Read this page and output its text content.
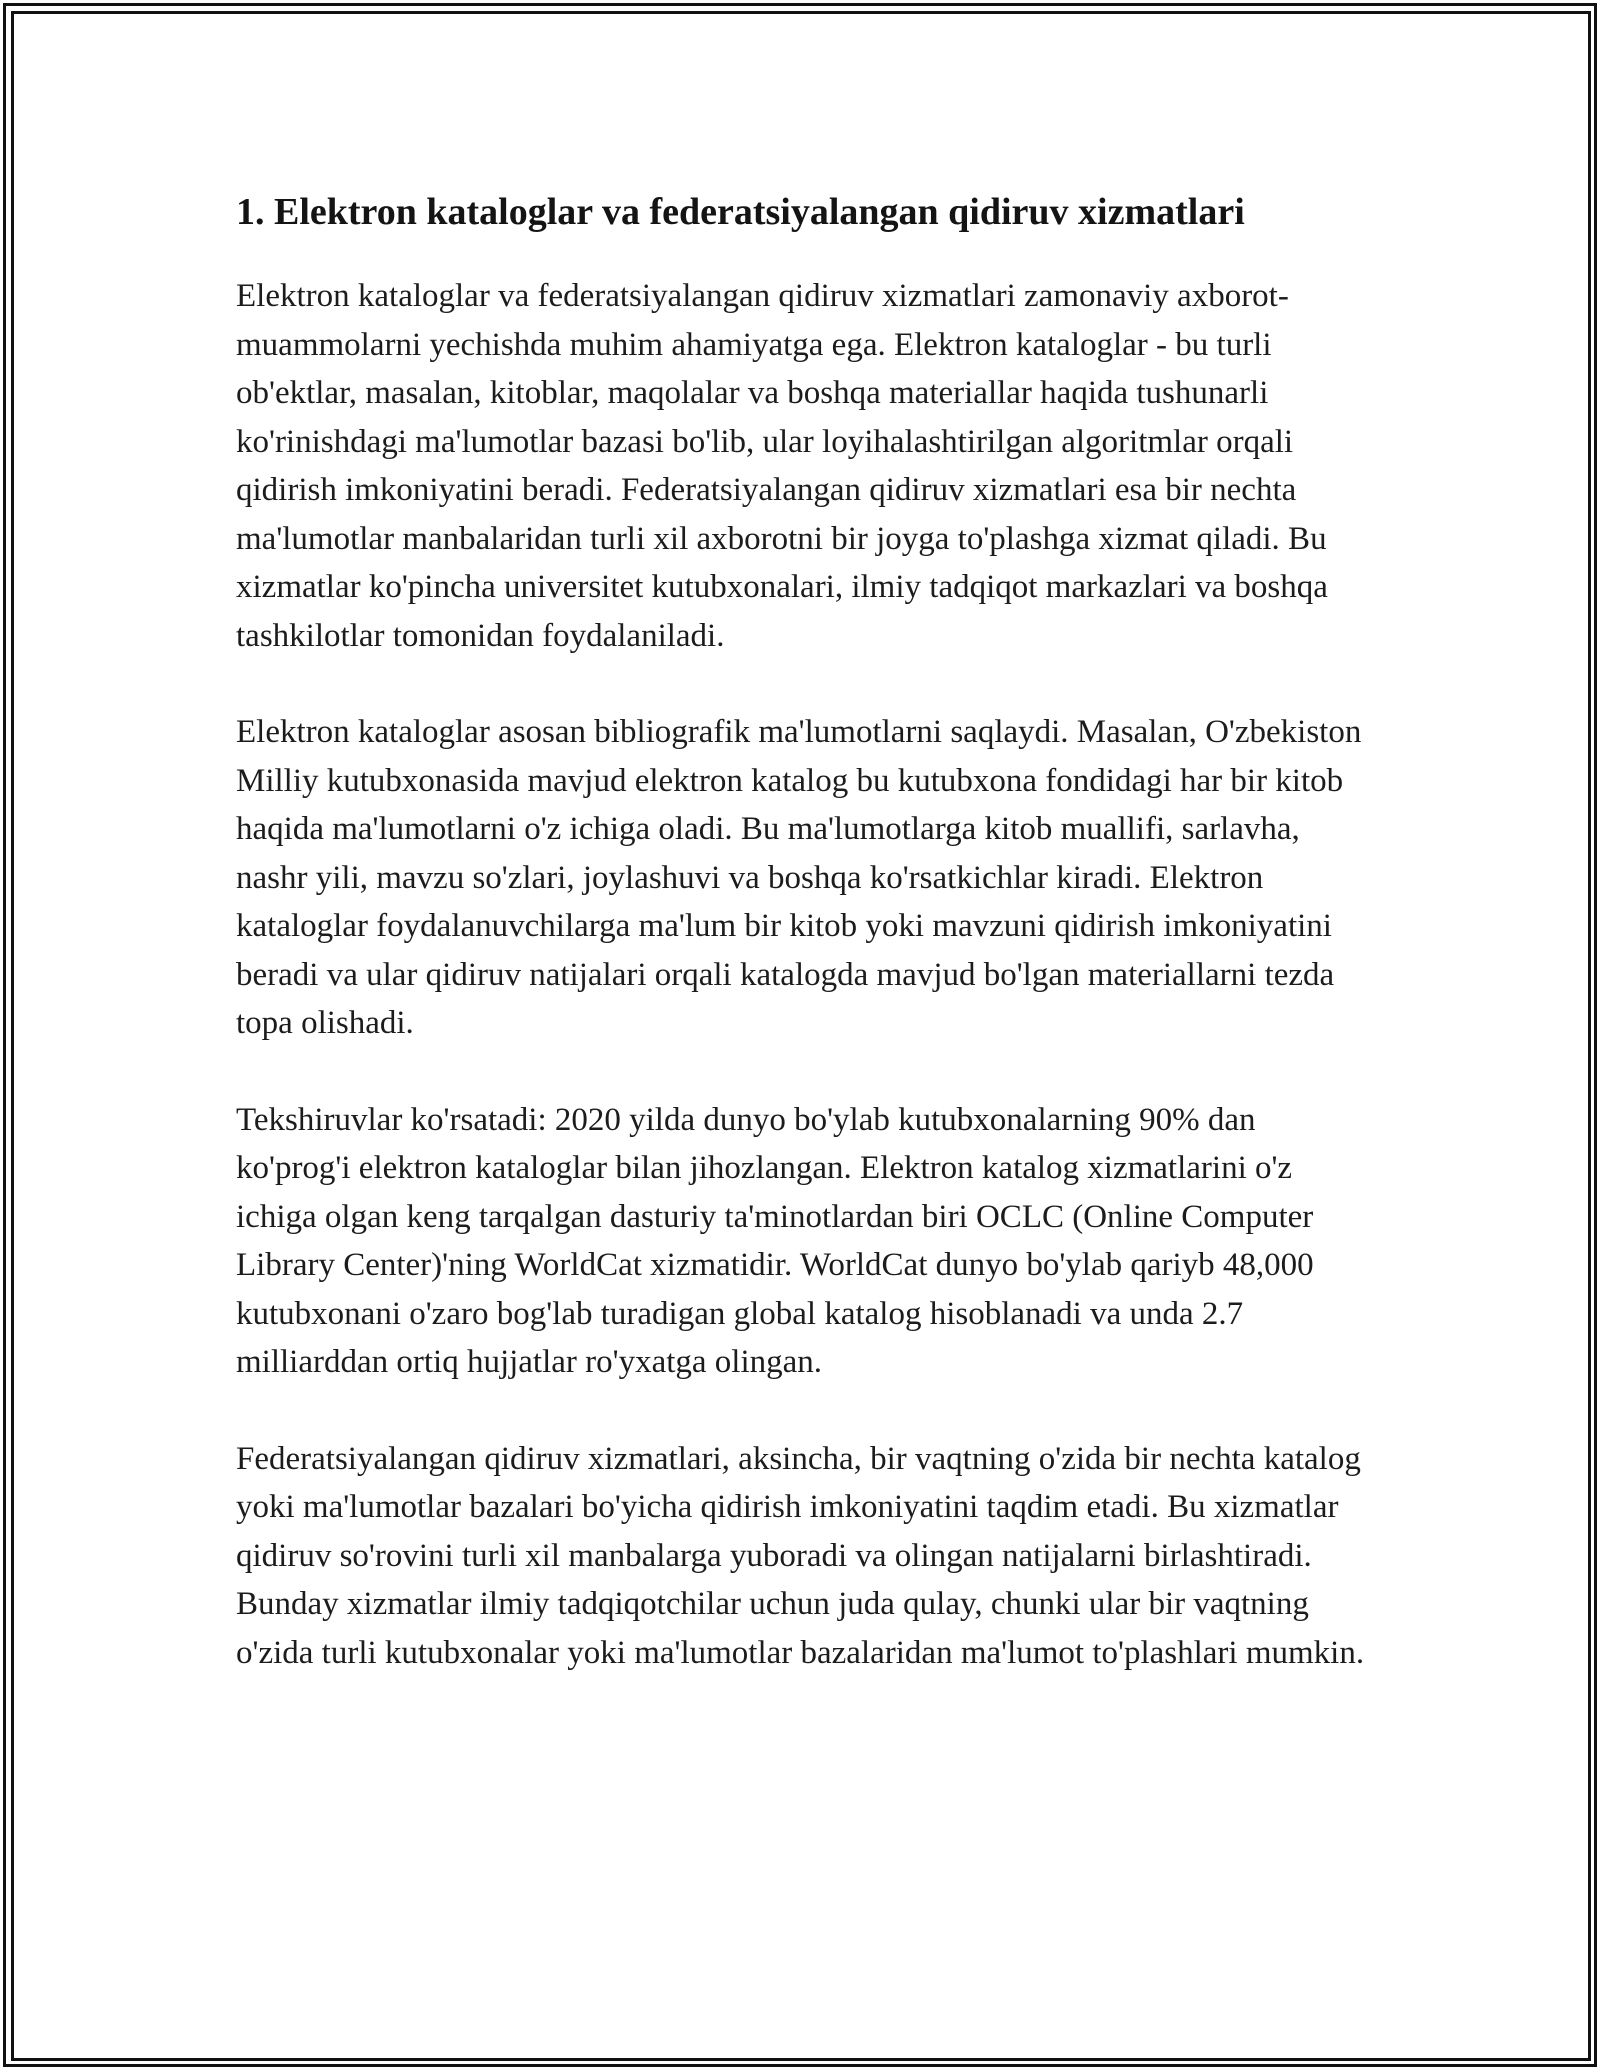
1. Elektron kataloglar va federatsiyalangan qidiruv xizmatlari

Elektron kataloglar va federatsiyalangan qidiruv xizmatlari zamonaviy axborot-muammolarni yechishda muhim ahamiyatga ega. Elektron kataloglar - bu turli ob'ektlar, masalan, kitoblar, maqolalar va boshqa materiallar haqida tushunarli ko'rinishdagi ma'lumotlar bazasi bo'lib, ular loyihalashtirilgan algoritmlar orqali qidirish imkoniyatini beradi. Federatsiyalangan qidiruv xizmatlari esa bir nechta ma'lumotlar manbalaridan turli xil axborotni bir joyga to'plashga xizmat qiladi. Bu xizmatlar ko'pincha universitet kutubxonalari, ilmiy tadqiqot markazlari va boshqa tashkilotlar tomonidan foydalaniladi.

Elektron kataloglar asosan bibliografik ma'lumotlarni saqlaydi. Masalan, O'zbekiston Milliy kutubxonasida mavjud elektron katalog bu kutubxona fondidagi har bir kitob haqida ma'lumotlarni o'z ichiga oladi. Bu ma'lumotlarga kitob muallifi, sarlavha, nashr yili, mavzu so'zlari, joylashuvi va boshqa ko'rsatkichlar kiradi. Elektron kataloglar foydalanuvchilarga ma'lum bir kitob yoki mavzuni qidirish imkoniyatini beradi va ular qidiruv natijalari orqali katalogda mavjud bo'lgan materiallarni tezda topa olishadi.

Tekshiruvlar ko'rsatadi: 2020 yilda dunyo bo'ylab kutubxonalarning 90% dan ko'prog'i elektron kataloglar bilan jihozlangan. Elektron katalog xizmatlarini o'z ichiga olgan keng tarqalgan dasturiy ta'minotlardan biri OCLC (Online Computer Library Center)'ning WorldCat xizmatidir. WorldCat dunyo bo'ylab qariyb 48,000 kutubxonani o'zaro bog'lab turadigan global katalog hisoblanadi va unda 2.7 milliarddan ortiq hujjatlar ro'yxatga olingan.

Federatsiyalangan qidiruv xizmatlari, aksincha, bir vaqtning o'zida bir nechta katalog yoki ma'lumotlar bazalari bo'yicha qidirish imkoniyatini taqdim etadi. Bu xizmatlar qidiruv so'rovini turli xil manbalarga yuboradi va olingan natijalarni birlashtiradi. Bunday xizmatlar ilmiy tadqiqotchilar uchun juda qulay, chunki ular bir vaqtning o'zida turli kutubxonalar yoki ma'lumotlar bazalaridan ma'lumot to'plashlari mumkin.
